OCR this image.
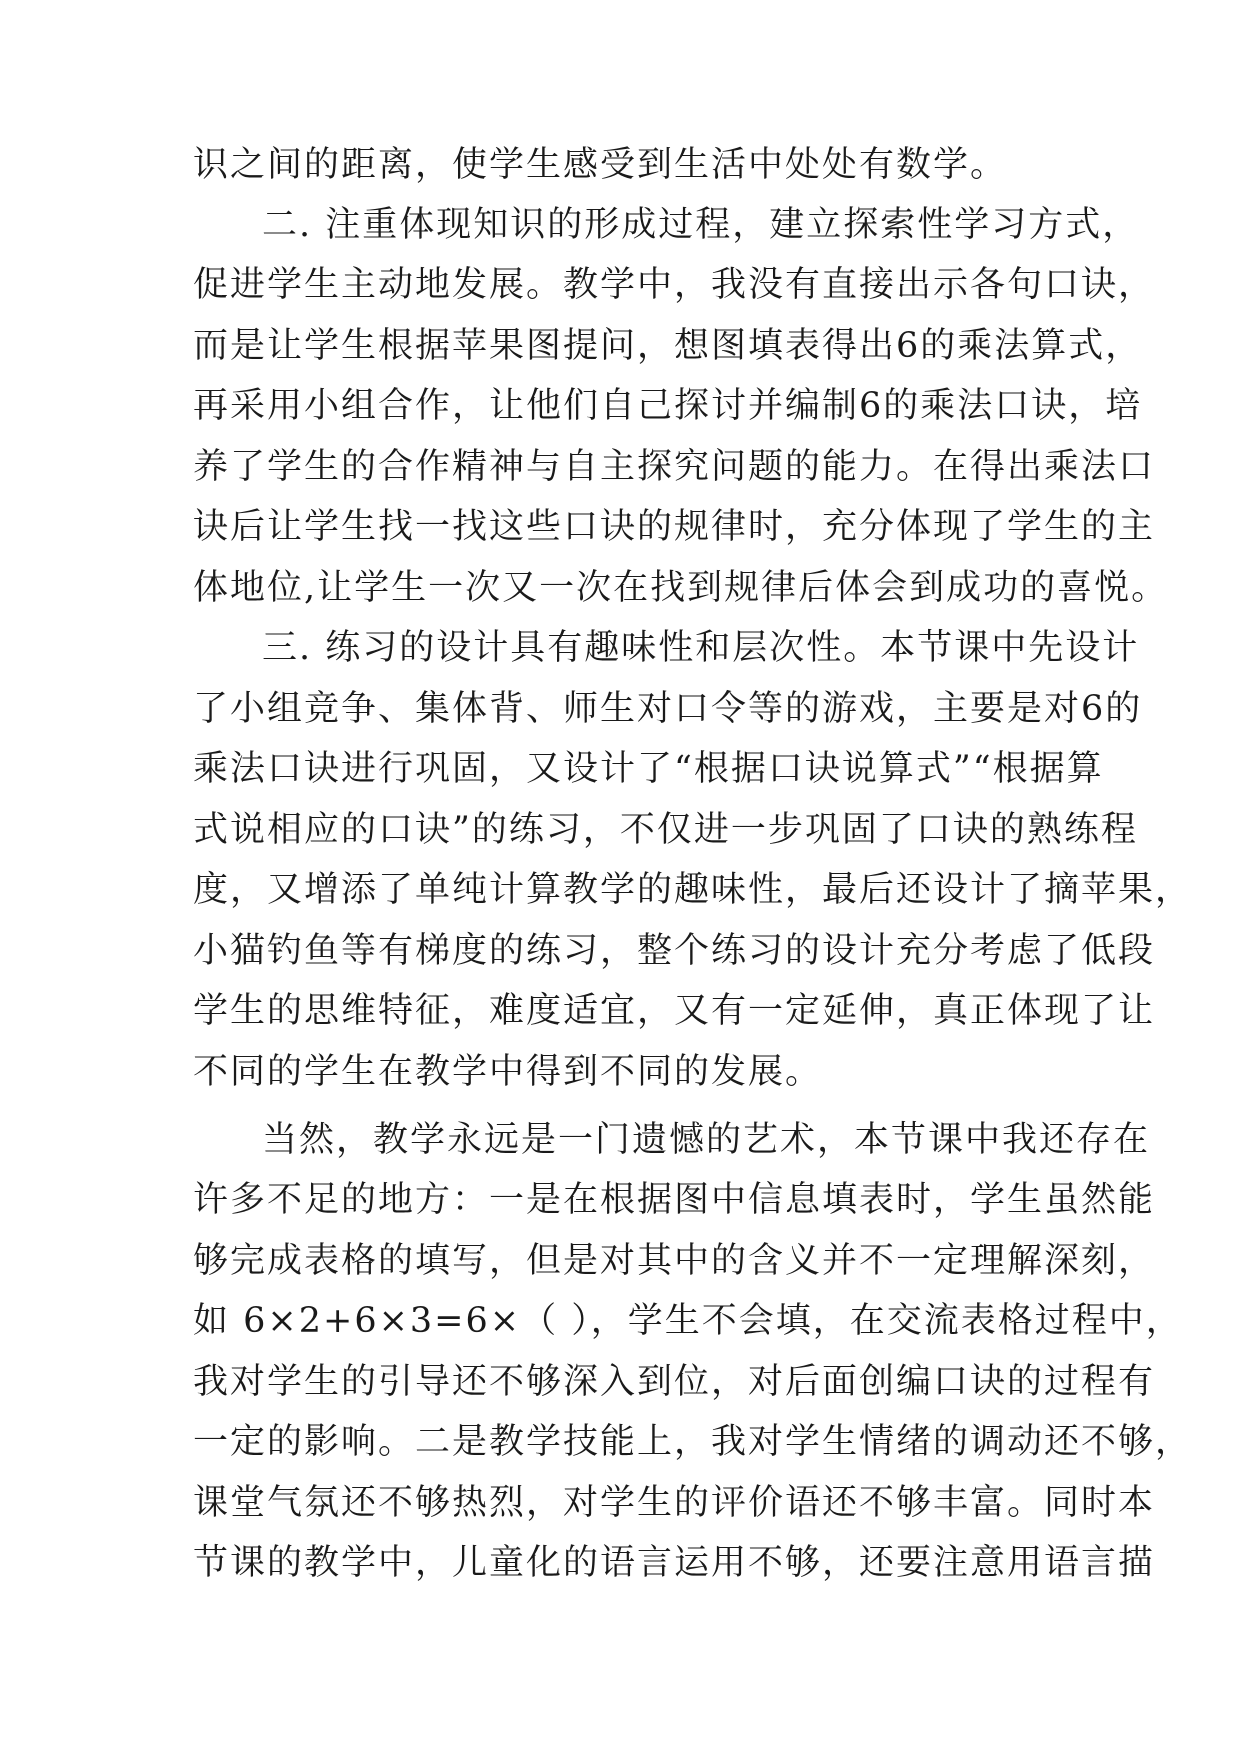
识之间的距离，使学生感受到生活中处处有数学。
二. 注重体现知识的形成过程，建立探索性学习方式，
促进学生主动地发展。教学中，我没有直接出示各句口诀，
而是让学生根据苹果图提问，想图填表得出6的乘法算式，
再采用小组合作，让他们自己探讨并编制6的乘法口诀，培
养了学生的合作精神与自主探究问题的能力。在得出乘法口
诀后让学生找一找这些口诀的规律时，充分体现了学生的主
体地位,让学生一次又一次在找到规律后体会到成功的喜悦。
三. 练习的设计具有趣味性和层次性。本节课中先设计
了小组竞争、集体背、师生对口令等的游戏，主要是对6的
乘法口诀进行巩固，又设计了“根据口诀说算式”“根据算
式说相应的口诀”的练习，不仅进一步巩固了口诀的熟练程
度，又增添了单纯计算教学的趣味性，最后还设计了摘苹果，
小猫钓鱼等有梯度的练习，整个练习的设计充分考虑了低段
学生的思维特征，难度适宜，又有一定延伸，真正体现了让
不同的学生在教学中得到不同的发展。
当然，教学永远是一门遗憾的艺术，本节课中我还存在
许多不足的地方：一是在根据图中信息填表时，学生虽然能
够完成表格的填写，但是对其中的含义并不一定理解深刻，
如 6×2+6×3=6×（ ），学生不会填，在交流表格过程中，
我对学生的引导还不够深入到位，对后面创编口诀的过程有
一定的影响。二是教学技能上，我对学生情绪的调动还不够，
课堂气氛还不够热烈，对学生的评价语还不够丰富。同时本
节课的教学中，儿童化的语言运用不够，还要注意用语言描
